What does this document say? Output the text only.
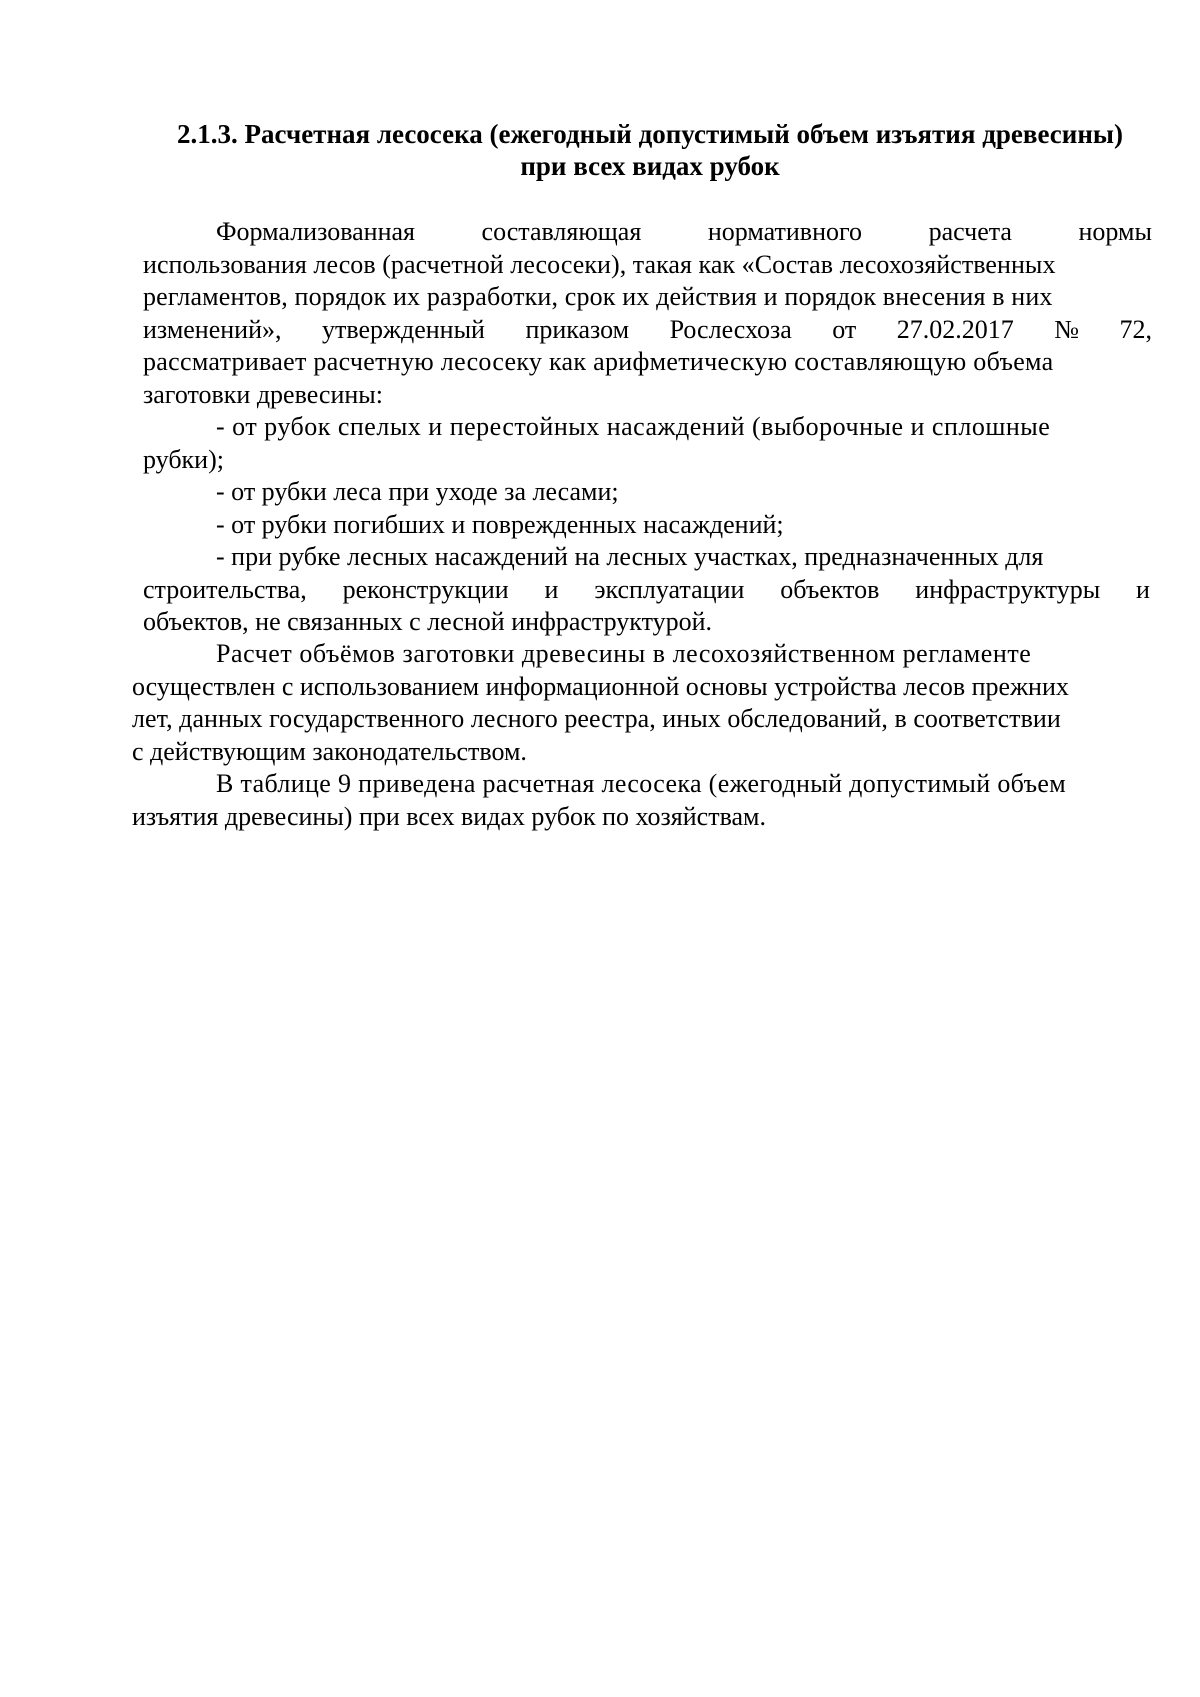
2.1.3. Расчетная лесосека (ежегодный допустимый объем изъятия древесины)
при всех видах рубок
Формализованная	составляющая	нормативного	расчета	нормы
использования лесов (расчетной лесосеки), такая как «Состав лесохозяйственных
регламентов, порядок их разработки, срок их действия и порядок внесения в них
изменений», утвержденный приказом Рослесхоза от 27.02.2017 № 72,
рассматривает расчетную лесосеку как арифметическую составляющую объема
заготовки древесины:
- от рубок спелых и перестойных насаждений (выборочные и сплошные
рубки);
- от рубки леса при уходе за лесами;
- от рубки погибших и поврежденных насаждений;
- при рубке лесных насаждений на лесных участках, предназначенных для
строительства, реконструкции и эксплуатации объектов инфраструктуры и
объектов, не связанных с лесной инфраструктурой.
Расчет объёмов заготовки древесины в лесохозяйственном регламенте
осуществлен с использованием информационной основы устройства лесов прежних
лет, данных государственного лесного реестра, иных обследований, в соответствии
с действующим законодательством.
В таблице 9 приведена расчетная лесосека (ежегодный допустимый объем
изъятия древесины) при всех видах рубок по хозяйствам.
